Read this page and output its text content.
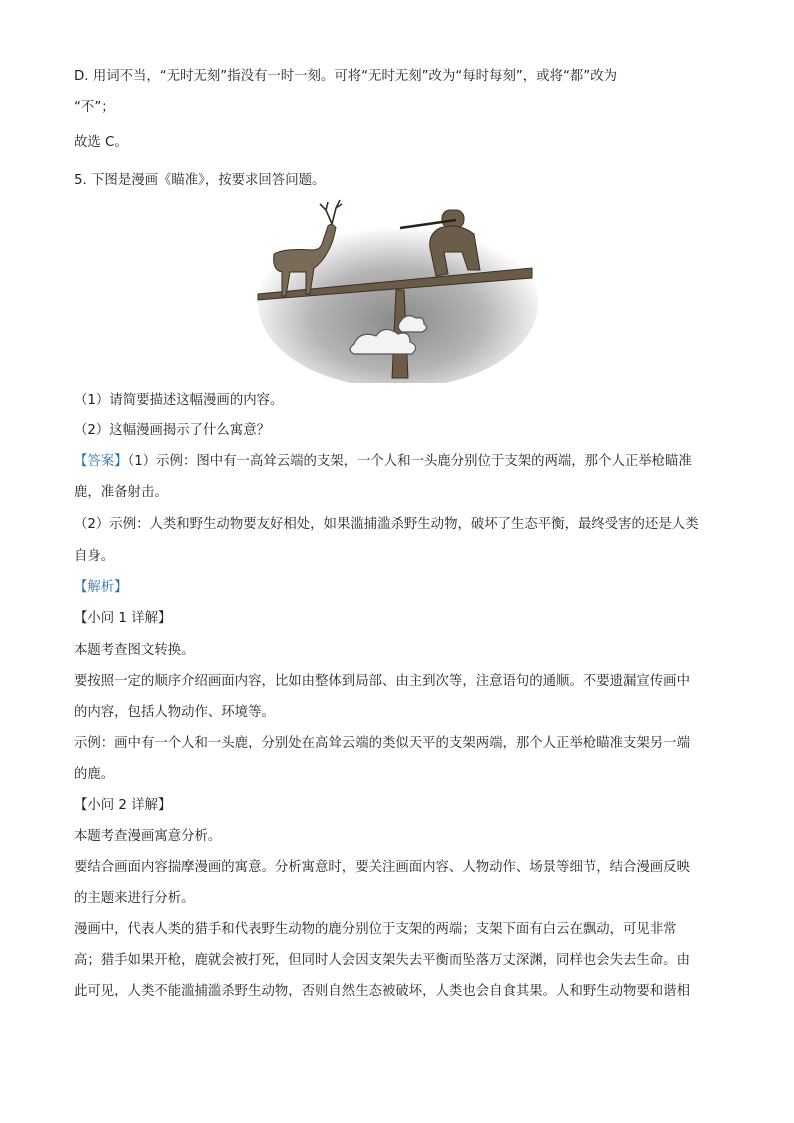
D. 用词不当，“无时无刻”指没有一时一刻。可将“无时无刻”改为“每时每刻”，或将“都”改为

“不”；

故选 C。

5. 下图是漫画《瞄准》，按要求回答问题。

（1）请简要描述这幅漫画的内容。

（2）这幅漫画揭示了什么寓意？

【答案】（1）示例：图中有一高耸云端的支架，一个人和一头鹿分别位于支架的两端，那个人正举枪瞄准

鹿，准备射击。

（2）示例：人类和野生动物要友好相处，如果滥捕滥杀野生动物，破坏了生态平衡，最终受害的还是人类

自身。

【解析】

【小问 1 详解】

本题考查图文转换。

要按照一定的顺序介绍画面内容，比如由整体到局部、由主到次等，注意语句的通顺。不要遗漏宣传画中

的内容，包括人物动作、环境等。

示例：画中有一个人和一头鹿，分别处在高耸云端的类似天平的支架两端，那个人正举枪瞄准支架另一端

的鹿。

【小问 2 详解】

本题考查漫画寓意分析。

要结合画面内容揣摩漫画的寓意。分析寓意时，要关注画面内容、人物动作、场景等细节，结合漫画反映

的主题来进行分析。

漫画中，代表人类的猎手和代表野生动物的鹿分别位于支架的两端；支架下面有白云在飘动，可见非常

高；猎手如果开枪，鹿就会被打死，但同时人会因支架失去平衡而坠落万丈深渊，同样也会失去生命。由

此可见，人类不能滥捕滥杀野生动物，否则自然生态被破坏，人类也会自食其果。人和野生动物要和谐相
